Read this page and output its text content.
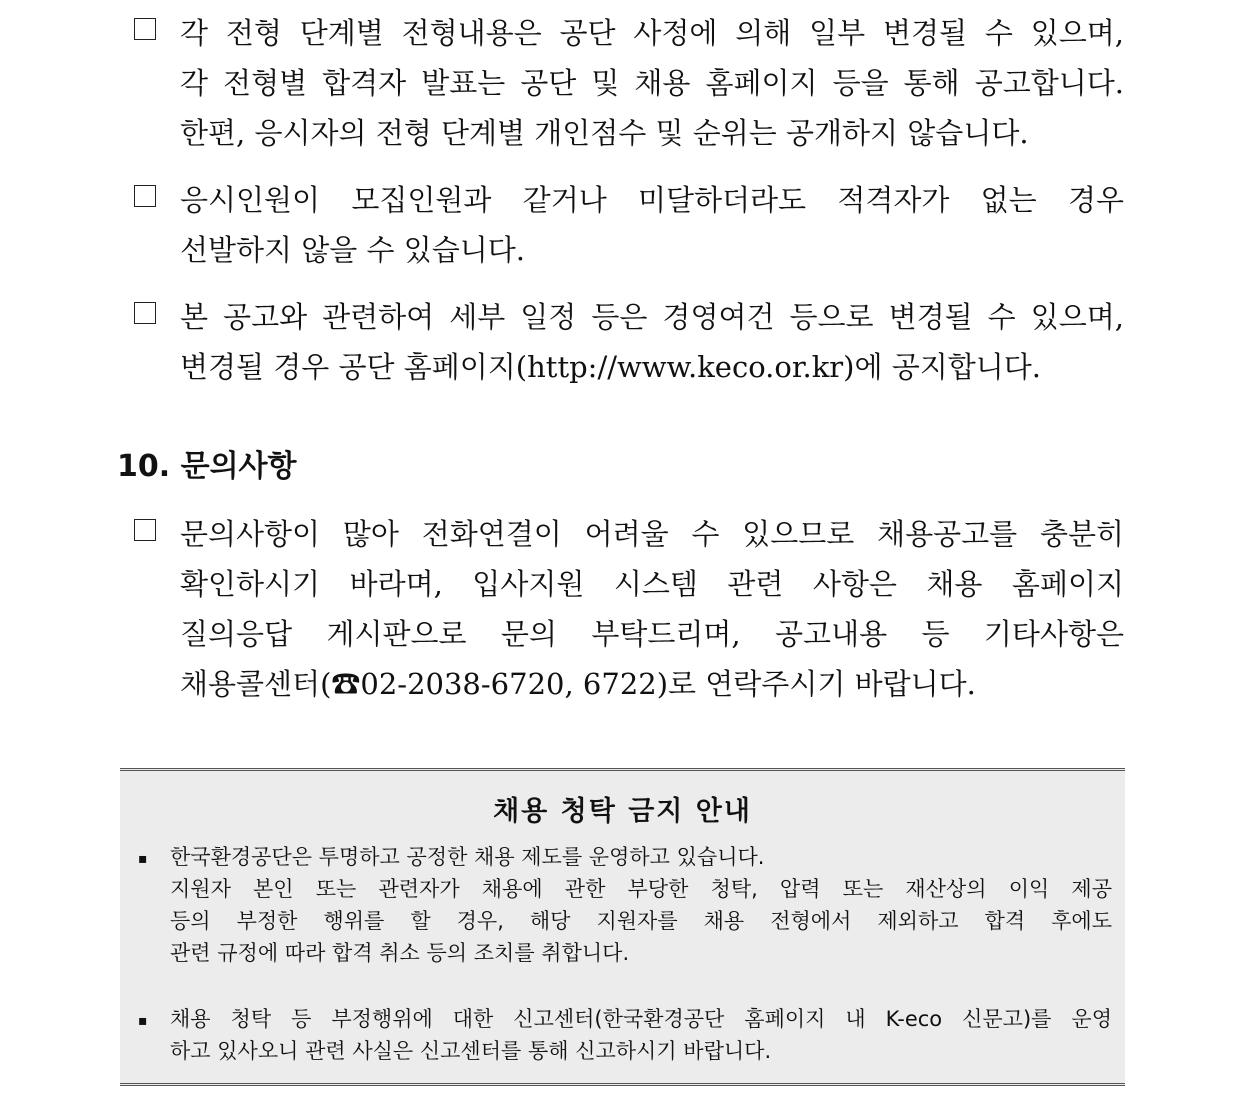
각 전형 단계별 전형내용은 공단 사정에 의해 일부 변경될 수 있으며,
각 전형별 합격자 발표는 공단 및 채용 홈페이지 등을 통해 공고합니다.
한편, 응시자의 전형 단계별 개인점수 및 순위는 공개하지 않습니다.
응시인원이 모집인원과 같거나 미달하더라도 적격자가 없는 경우
선발하지 않을 수 있습니다.
본 공고와 관련하여 세부 일정 등은 경영여건 등으로 변경될 수 있으며,
변경될 경우 공단 홈페이지(http://www.keco.or.kr)에 공지합니다.
10. 문의사항
문의사항이 많아 전화연결이 어려울 수 있으므로 채용공고를 충분히
확인하시기 바라며, 입사지원 시스템 관련 사항은 채용 홈페이지
질의응답 게시판으로 문의 부탁드리며, 공고내용 등 기타사항은
채용콜센터(☎02-2038-6720, 6722)로 연락주시기 바랍니다.
채용 청탁 금지 안내
▪ 한국환경공단은 투명하고 공정한 채용 제도를 운영하고 있습니다.
지원자 본인 또는 관련자가 채용에 관한 부당한 청탁, 압력 또는 재산상의 이익 제공
등의 부정한 행위를 할 경우, 해당 지원자를 채용 전형에서 제외하고 합격 후에도
관련 규정에 따라 합격 취소 등의 조치를 취합니다.
▪ 채용 청탁 등 부정행위에 대한 신고센터(한국환경공단 홈페이지 내 K-eco 신문고)를 운영
하고 있사오니 관련 사실은 신고센터를 통해 신고하시기 바랍니다.
